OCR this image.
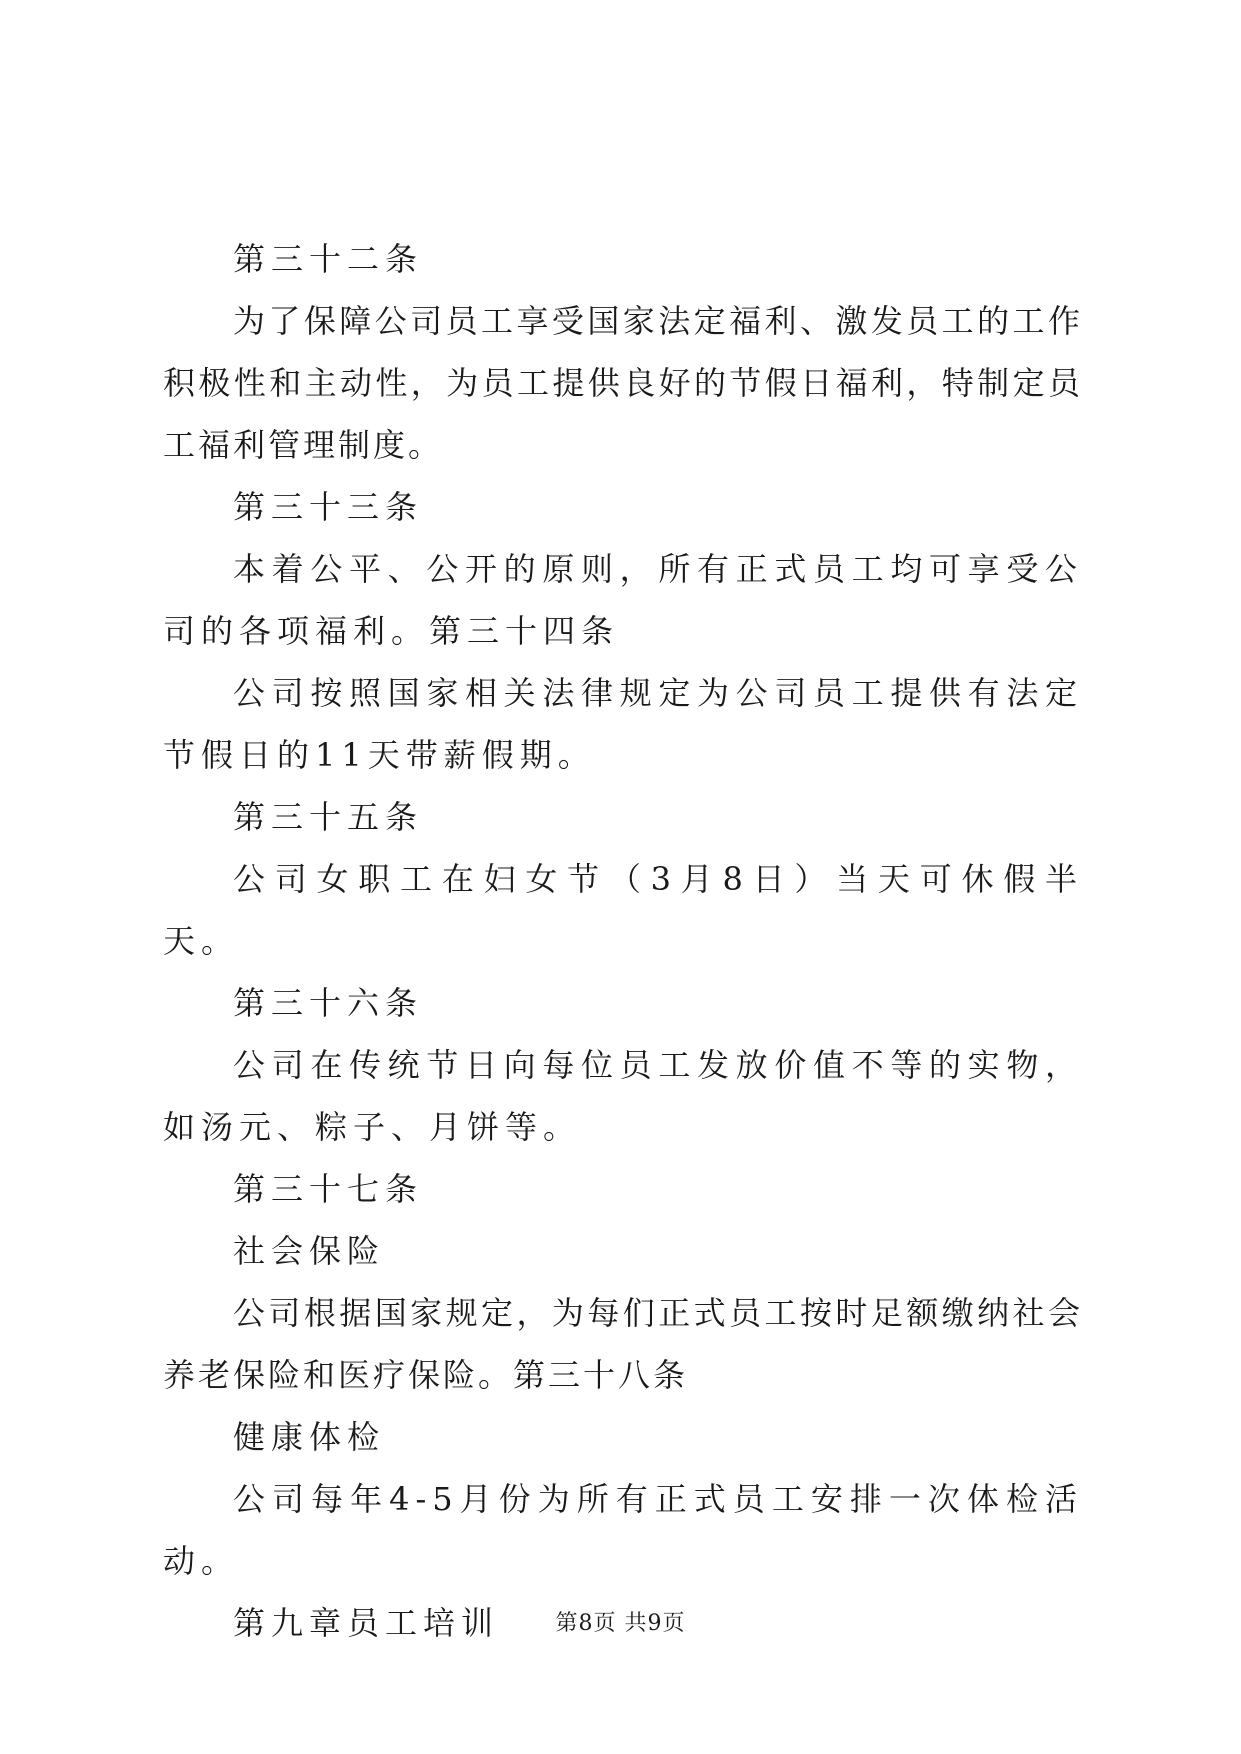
第三十二条

为了保障公司员工享受国家法定福利、激发员工的工作积极性和主动性，为员工提供良好的节假日福利，特制定员工福利管理制度。

第三十三条

本着公平、公开的原则，所有正式员工均可享受公司的各项福利。第三十四条

公司按照国家相关法律规定为公司员工提供有法定节假日的11天带薪假期。

第三十五条

公司女职工在妇女节（3月8日）当天可休假半天。

第三十六条

公司在传统节日向每位员工发放价值不等的实物，如汤元、粽子、月饼等。

第三十七条

社会保险

公司根据国家规定，为每们正式员工按时足额缴纳社会养老保险和医疗保险。第三十八条

健康体检

公司每年4-5月份为所有正式员工安排一次体检活动。

第九章员工培训	第8页 共9页
